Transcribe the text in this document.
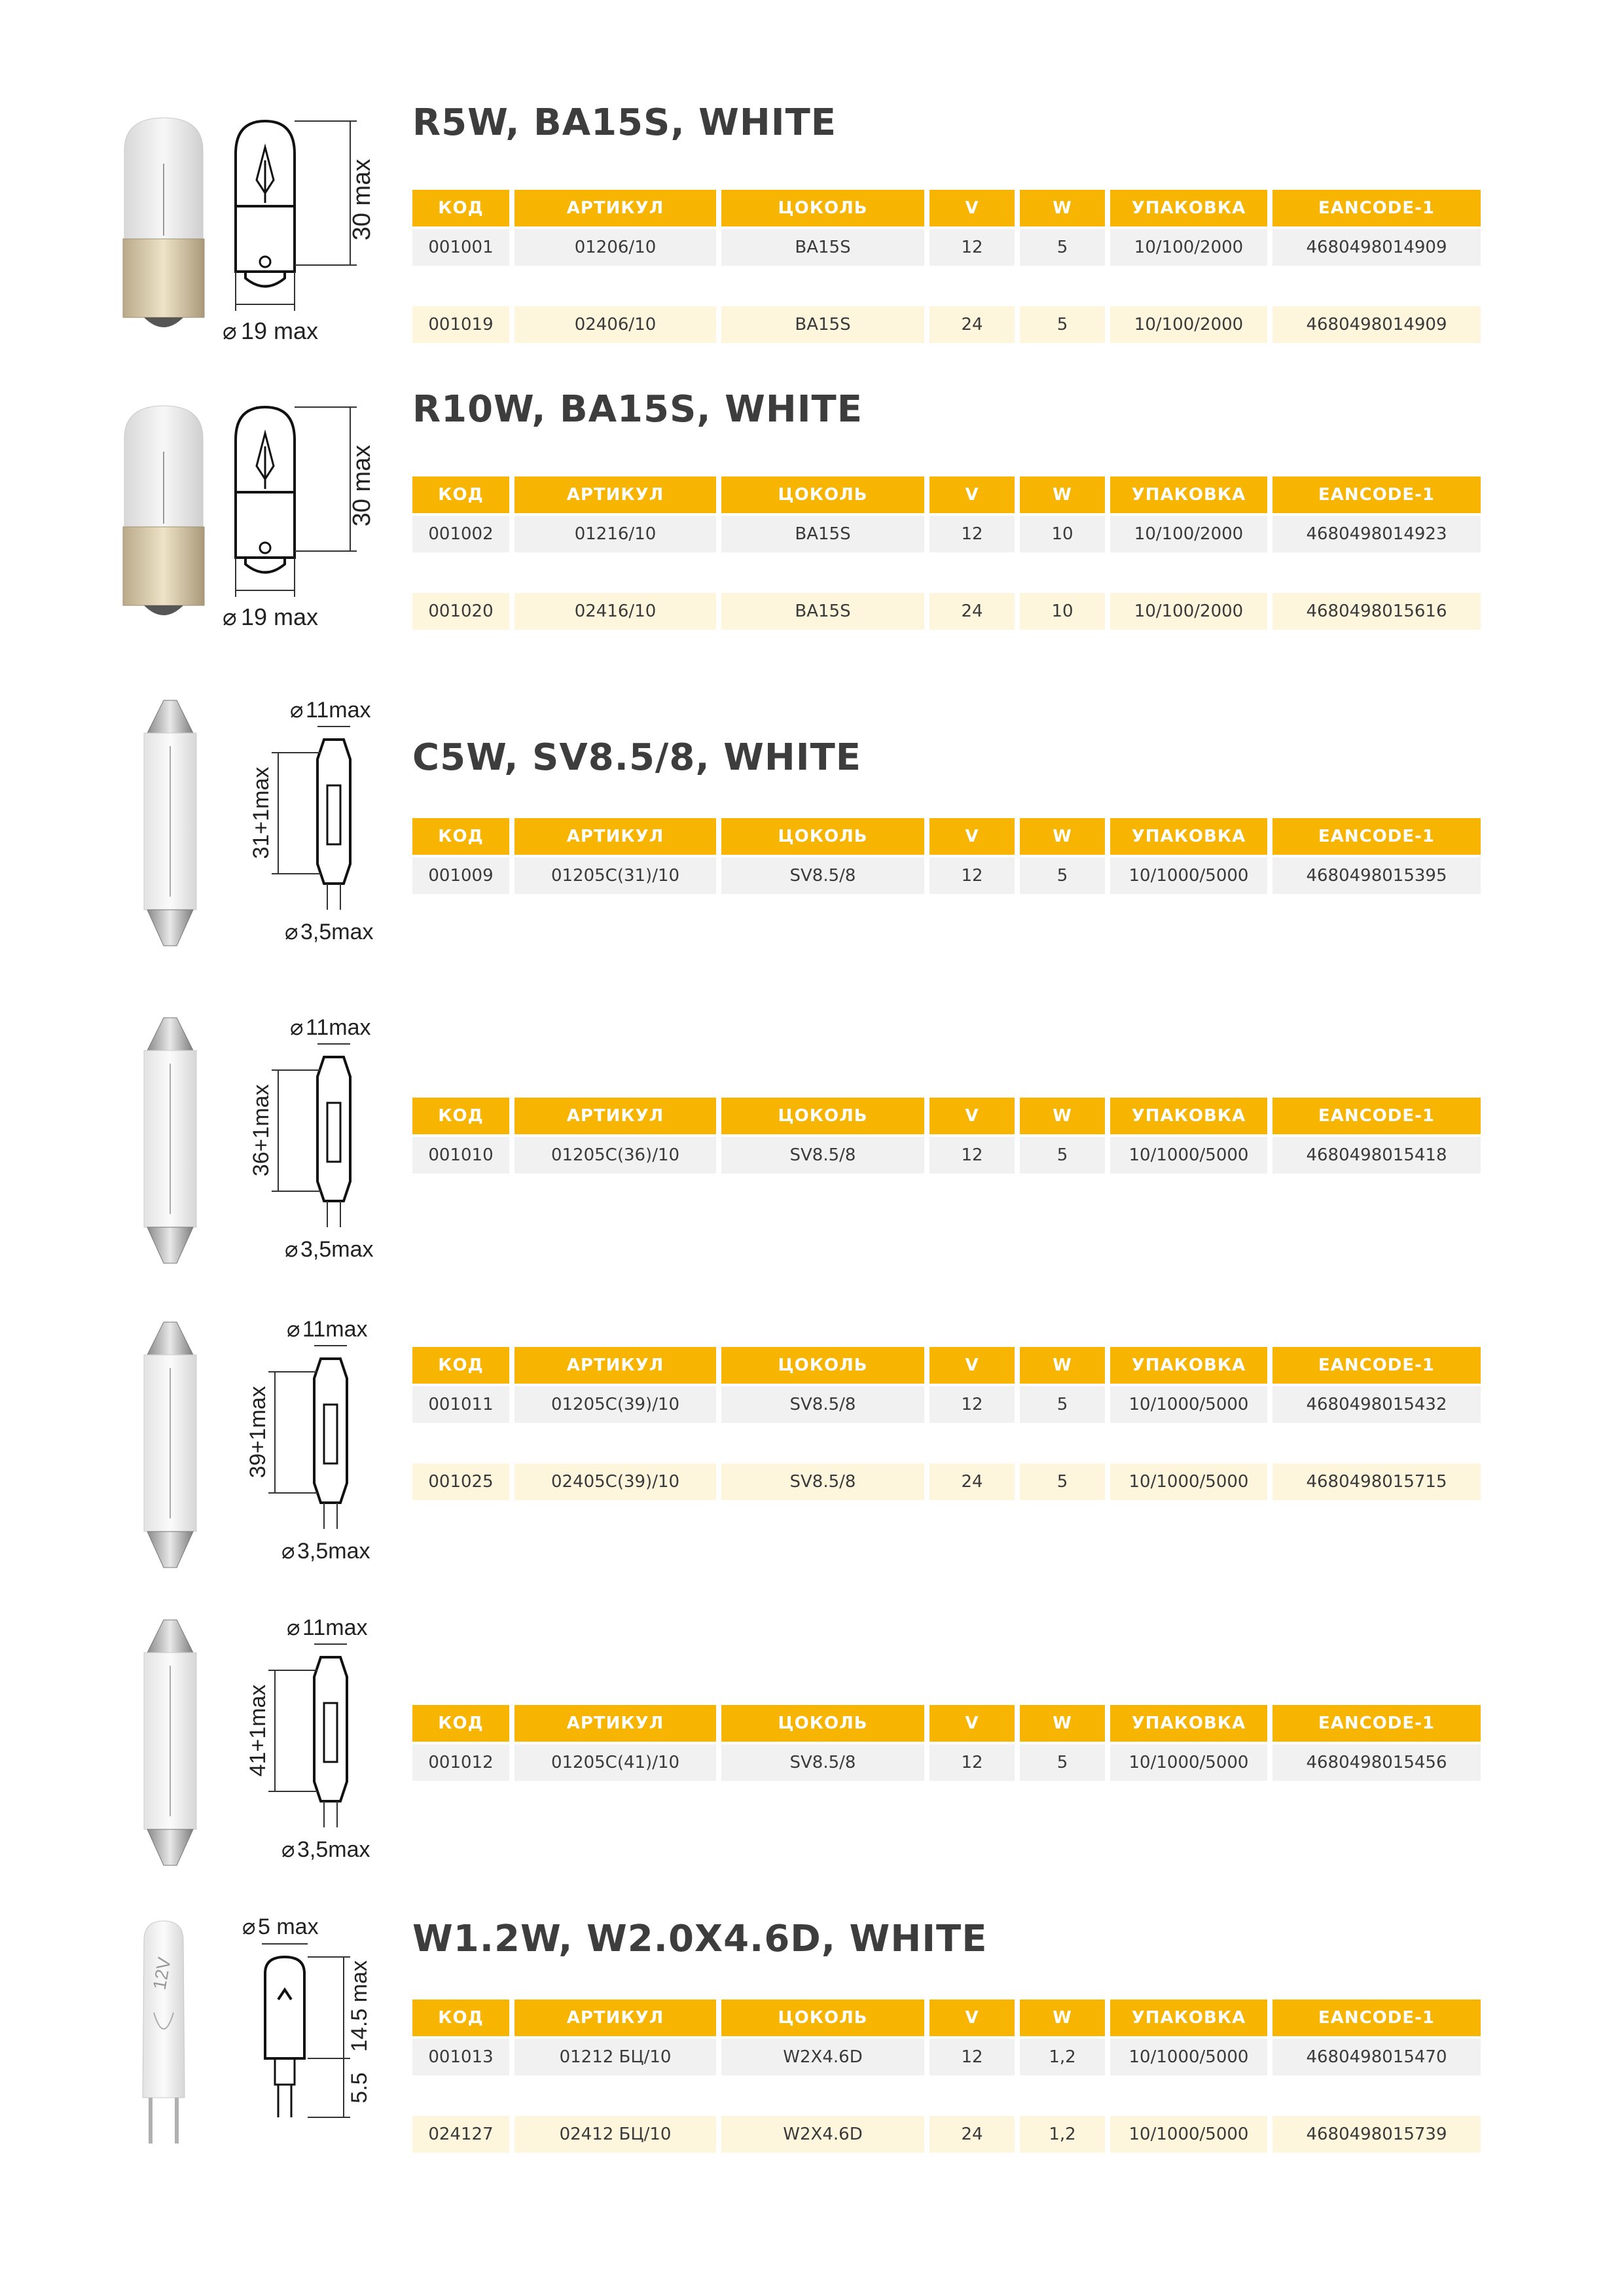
R5W, BA15S, WHITE
30 max
⌀ 19 max
КОД	АРТИКУЛ	ЦОКОЛЬ	V	W	УПАКОВКА	EANCODE-1
001001	01206/10	BA15S	12	5	10/100/2000	4680498014909
001019	02406/10	BA15S	24	5	10/100/2000	4680498014909
R10W, BA15S, WHITE
30 max
⌀ 19 max
КОД	АРТИКУЛ	ЦОКОЛЬ	V	W	УПАКОВКА	EANCODE-1
001002	01216/10	BA15S	12	10	10/100/2000	4680498014923
001020	02416/10	BA15S	24	10	10/100/2000	4680498015616
C5W, SV8.5/8, WHITE
⌀ 11max
31+1max
⌀ 3,5max
КОД	АРТИКУЛ	ЦОКОЛЬ	V	W	УПАКОВКА	EANCODE-1
001009	01205С(31)/10	SV8.5/8	12	5	10/1000/5000	4680498015395
⌀ 11max
36+1max
⌀ 3,5max
КОД	АРТИКУЛ	ЦОКОЛЬ	V	W	УПАКОВКА	EANCODE-1
001010	01205С(36)/10	SV8.5/8	12	5	10/1000/5000	4680498015418
⌀ 11max
39+1max
⌀ 3,5max
КОД	АРТИКУЛ	ЦОКОЛЬ	V	W	УПАКОВКА	EANCODE-1
001011	01205С(39)/10	SV8.5/8	12	5	10/1000/5000	4680498015432
001025	02405С(39)/10	SV8.5/8	24	5	10/1000/5000	4680498015715
⌀ 11max
41+1max
⌀ 3,5max
КОД	АРТИКУЛ	ЦОКОЛЬ	V	W	УПАКОВКА	EANCODE-1
001012	01205С(41)/10	SV8.5/8	12	5	10/1000/5000	4680498015456
W1.2W, W2.0X4.6D, WHITE
12V
⌀ 5 max
14.5 max
5.5
КОД	АРТИКУЛ	ЦОКОЛЬ	V	W	УПАКОВКА	EANCODE-1
001013	01212 БЦ/10	W2X4.6D	12	1,2	10/1000/5000	4680498015470
024127	02412 БЦ/10	W2X4.6D	24	1,2	10/1000/5000	4680498015739
